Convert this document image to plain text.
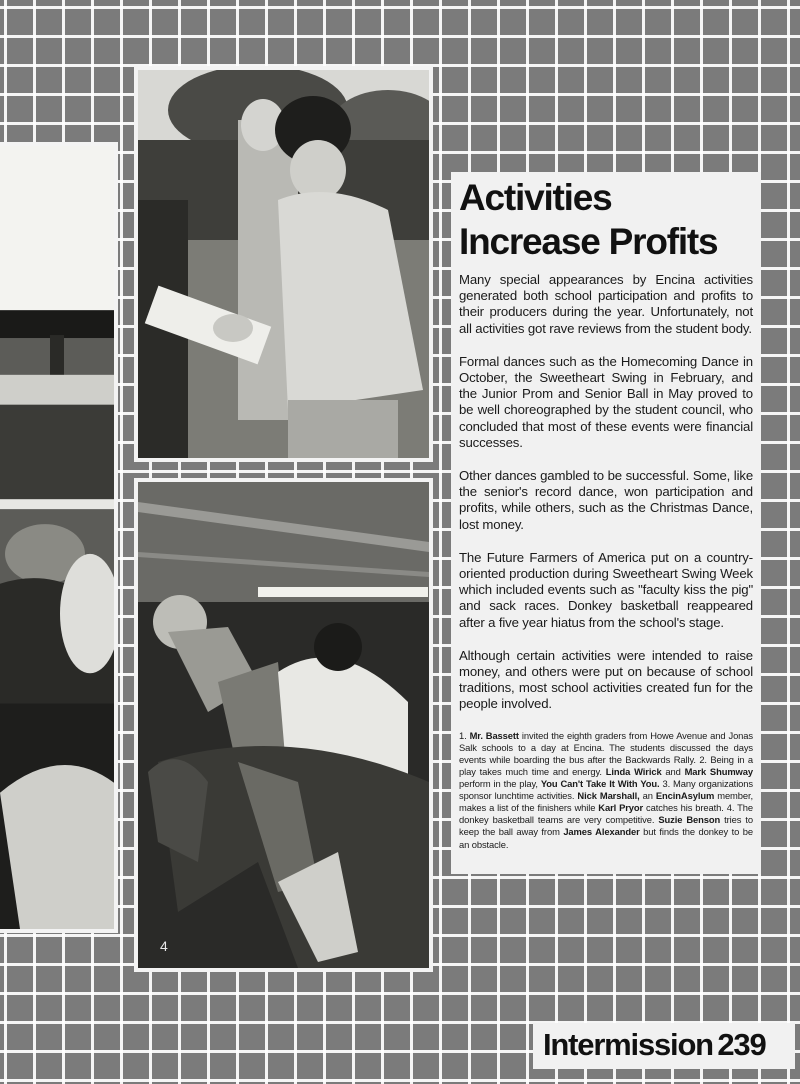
4
Activities
Increase Profits

Many special appearances by Encina activities generated both school participation and profits to their producers during the year. Unfortunately, not all activities got rave reviews from the student body.

Formal dances such as the Homecoming Dance in October, the Sweetheart Swing in February, and the Junior Prom and Senior Ball in May proved to be well choreographed by the student council, who concluded that most of these events were financial successes.

Other dances gambled to be successful. Some, like the senior's record dance, won participation and profits, while others, such as the Christmas Dance, lost money.

The Future Farmers of America put on a country-oriented production during Sweetheart Swing Week which included events such as "faculty kiss the pig" and sack races. Donkey basketball reappeared after a five year hiatus from the school's stage.

Although certain activities were intended to raise money, and others were put on because of school traditions, most school activities created fun for the people involved.

1. Mr. Bassett invited the eighth graders from Howe Avenue and Jonas Salk schools to a day at Encina. The students discussed the days events while boarding the bus after the Backwards Rally. 2. Being in a play takes much time and energy. Linda Wirick and Mark Shumway perform in the play, You Can't Take It With You. 3. Many organizations sponsor lunchtime activities. Nick Marshall, an EncinAsylum member, makes a list of the finishers while Karl Pryor catches his breath. 4. The donkey basketball teams are very competitive. Suzie Benson tries to keep the ball away from James Alexander but finds the donkey to be an obstacle.

Intermission 239
